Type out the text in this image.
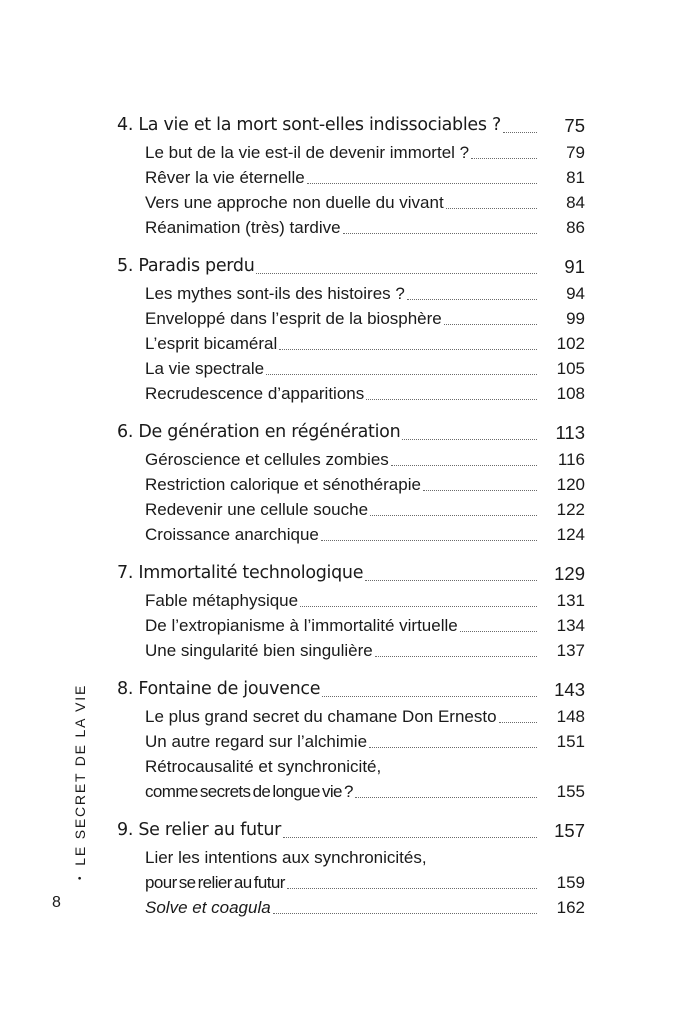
4. La vie et la mort sont-elles indissociables ?	75
Le but de la vie est-il de devenir immortel ?	79
Rêver la vie éternelle	81
Vers une approche non duelle du vivant	84
Réanimation (très) tardive	86
5. Paradis perdu	91
Les mythes sont-ils des histoires ?	94
Enveloppé dans l’esprit de la biosphère	99
L’esprit bicaméral	102
La vie spectrale	105
Recrudescence d’apparitions	108
6. De génération en régénération	113
Géroscience et cellules zombies	116
Restriction calorique et sénothérapie	120
Redevenir une cellule souche	122
Croissance anarchique	124
7. Immortalité technologique	129
Fable métaphysique	131
De l’extropianisme à l’immortalité virtuelle	134
Une singularité bien singulière	137
8. Fontaine de jouvence	143
Le plus grand secret du chamane Don Ernesto	148
Un autre regard sur l’alchimie	151
Rétrocausalité et synchronicité,
comme secrets de longue vie ?	155
9. Se relier au futur	157
Lier les intentions aux synchronicités,
pour se relier au futur	159
Solve et coagula	162
•
LE SECRET DE LA VIE
8
